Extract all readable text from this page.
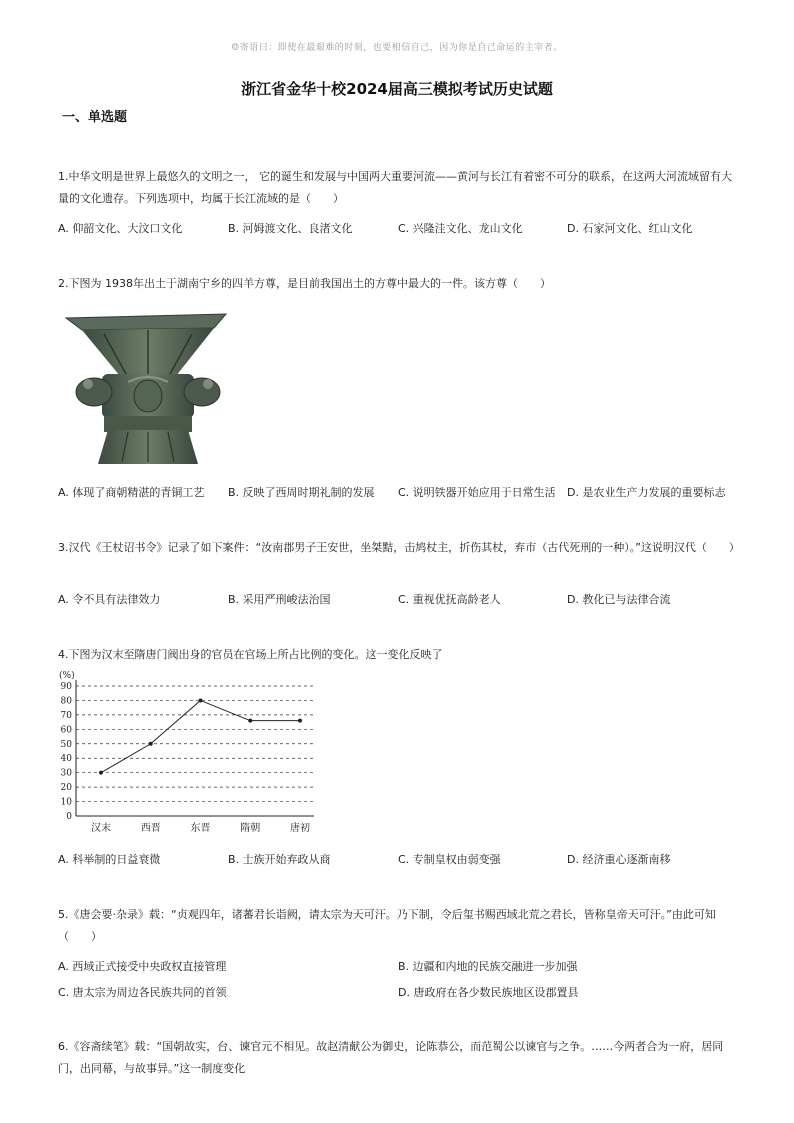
☺寄语曰：即使在最艰难的时刻，也要相信自己，因为你是自己命运的主宰者。
浙江省金华十校2024届高三模拟考试历史试题
一、单选题
1.中华文明是世界上最悠久的文明之一， 它的诞生和发展与中国两大重要河流——黄河与长江有着密不可分的联系，在这两大河流域留有大量的文化遗存。下列选项中，均属于长江流域的是（　　）
A. 仰韶文化、大汶口文化	B. 河姆渡文化、良渚文化	C. 兴隆洼文化、龙山文化	D. 石家河文化、红山文化
2.下图为 1938年出土于湖南宁乡的四羊方尊，是目前我国出土的方尊中最大的一件。该方尊（　　）
A. 体现了商朝精湛的青铜工艺 B. 反映了西周时期礼制的发展 C. 说明铁器开始应用于日常生活 D. 是农业生产力发展的重要标志
3.汉代《王杖诏书令》记录了如下案件：“汝南郡男子王安世，坐桀黠，击鸠杖主，折伤其杖，弃市（古代死刑的一种）。”这说明汉代（　　）
A. 令不具有法律效力	B. 采用严刑峻法治国	C. 重视优抚高龄老人	D. 教化已与法律合流
4.下图为汉末至隋唐门阀出身的官员在官场上所占比例的变化。这一变化反映了
(%)
0
10
20
30
40
50
60
70
80
90
汉末	西晋	东晋	隋朝	唐初
A. 科举制的日益衰微	B. 士族开始弃政从商	C. 专制皇权由弱变强	D. 经济重心逐渐南移
5.《唐会要·杂录》载：“贞观四年，诸蕃君长诣阙，请太宗为天可汗。乃下制，令后玺书赐西域北荒之君长，皆称皇帝天可汗。”由此可知（　　）
A. 西域正式接受中央政权直接管理	B. 边疆和内地的民族交融进一步加强
C. 唐太宗为周边各民族共同的首领	D. 唐政府在各少数民族地区设郡置县
6.《容斋续笔》载：“国朝故实，台、谏官元不相见。故赵清献公为御史，论陈恭公，而范蜀公以谏官与之争。……今两者合为一府，居同门，出同幕，与故事异。”这一制度变化
